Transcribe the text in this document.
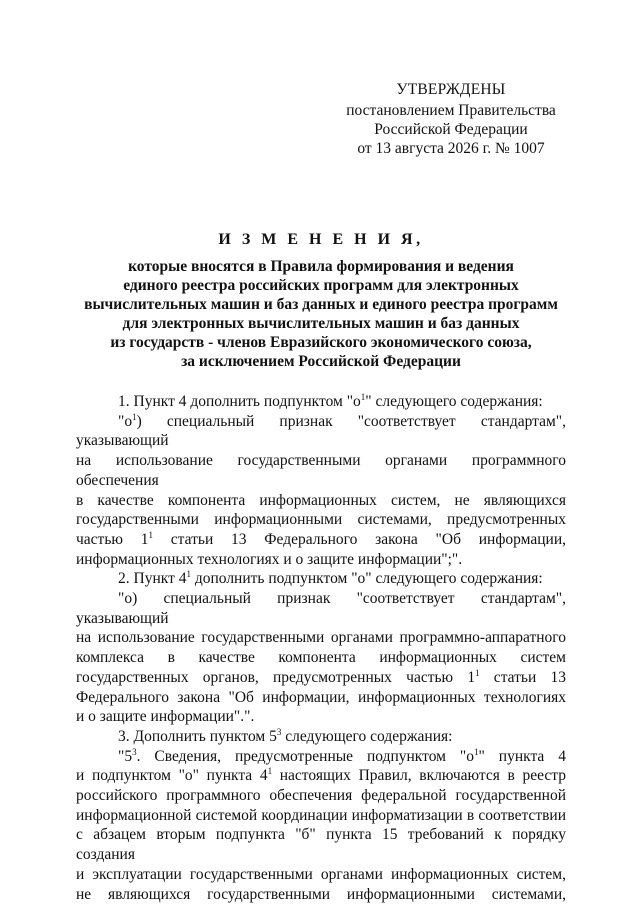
УТВЕРЖДЕНЫ
постановлением Правительства
Российской Федерации
от 13 августа 2026 г. № 1007
И З М Е Н Е Н И Я,
которые вносятся в Правила формирования и ведения
единого реестра российских программ для электронных
вычислительных машин и баз данных и единого реестра программ
для электронных вычислительных машин и баз данных
из государств - членов Евразийского экономического союза,
за исключением Российской Федерации
1. Пункт 4 дополнить подпунктом "$о^1$" следующего содержания:
"$о^1$) специальный признак "соответствует стандартам", указывающий
на использование государственными органами программного обеспечения
в качестве компонента информационных систем, не являющихся
государственными информационными системами, предусмотренных
частью $1^1$ статьи 13 Федерального закона "Об информации,
информационных технологиях и о защите информации";".
2. Пункт $4^1$ дополнить подпунктом "о" следующего содержания:
"о) специальный признак "соответствует стандартам", указывающий
на использование государственными органами программно-аппаратного
комплекса в качестве компонента информационных систем
государственных органов, предусмотренных частью $1^1$ статьи 13
Федерального закона "Об информации, информационных технологиях
и о защите информации".".
3. Дополнить пунктом $5^3$ следующего содержания:
"$5^3$. Сведения, предусмотренные подпунктом "$о^1$" пункта 4
и подпунктом "о" пункта $4^1$ настоящих Правил, включаются в реестр
российского программного обеспечения федеральной государственной
информационной системой координации информатизации в соответствии
с абзацем вторым подпункта "б" пункта 15 требований к порядку создания
и эксплуатации государственными органами информационных систем,
не являющихся государственными информационными системами,
